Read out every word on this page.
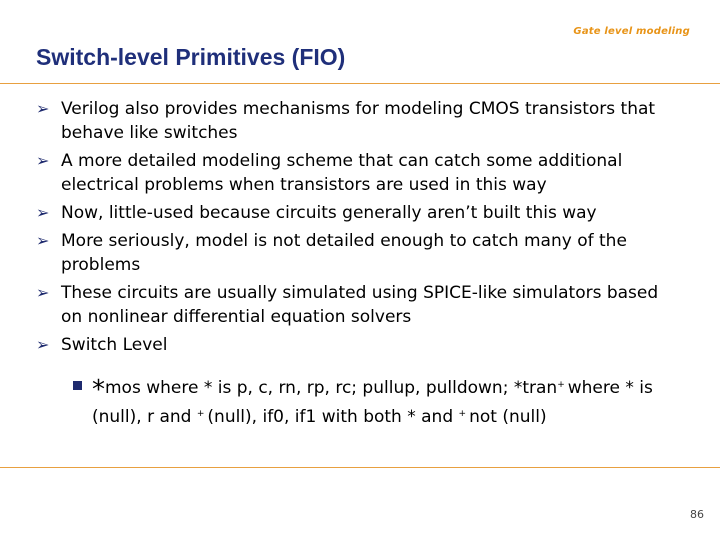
Gate level modeling
Switch-level Primitives (FIO)
➢ Verilog also provides mechanisms for modeling CMOS transistors that behave like switches
➢ A more detailed modeling scheme that can catch some additional electrical problems when transistors are used in this way
➢ Now, little-used because circuits generally aren’t built this way
➢ More seriously, model is not detailed enough to catch many of the problems
➢ These circuits are usually simulated using SPICE-like simulators based on nonlinear differential equation solvers
➢ Switch Level
*mos where * is p, c, rn, rp, rc; pullup, pulldown; *tran+ where * is (null), r and + (null), if0, if1 with both * and + not (null)
86
